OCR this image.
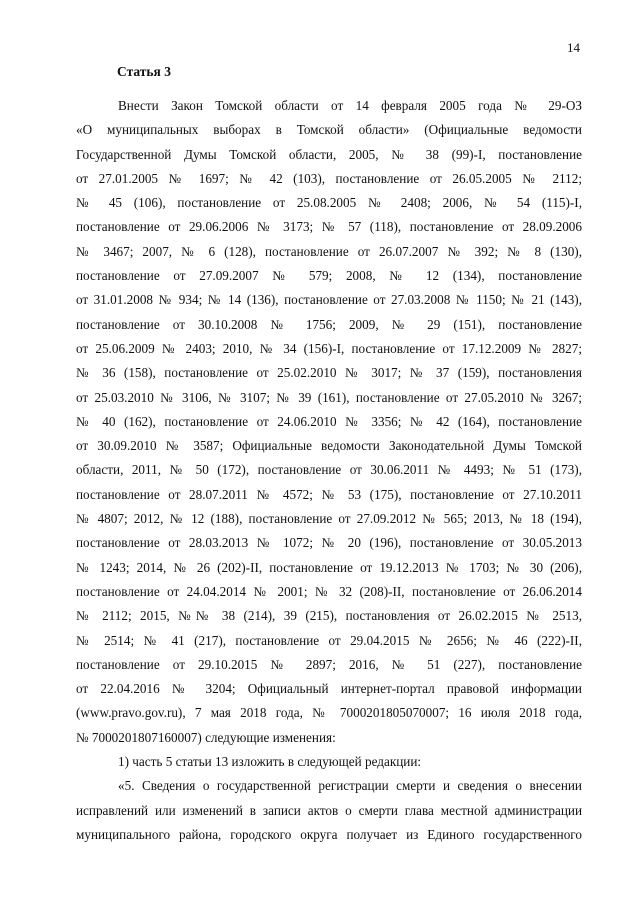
14
Статья 3
Внести Закон Томской области от 14 февраля 2005 года № 29-ОЗ
«О муниципальных выборах в Томской области» (Официальные ведомости
Государственной Думы Томской области, 2005, № 38 (99)-I, постановление
от 27.01.2005 № 1697; № 42 (103), постановление от 26.05.2005 № 2112;
№ 45 (106), постановление от 25.08.2005 № 2408; 2006, № 54 (115)-I,
постановление от 29.06.2006 № 3173; № 57 (118), постановление от 28.09.2006
№ 3467; 2007, № 6 (128), постановление от 26.07.2007 № 392; № 8 (130),
постановление от 27.09.2007 № 579; 2008, № 12 (134), постановление
от 31.01.2008 № 934; № 14 (136), постановление от 27.03.2008 № 1150; № 21 (143),
постановление от 30.10.2008 № 1756; 2009, № 29 (151), постановление
от 25.06.2009 № 2403; 2010, № 34 (156)-I, постановление от 17.12.2009 № 2827;
№ 36 (158), постановление от 25.02.2010 № 3017; № 37 (159), постановления
от 25.03.2010 № 3106, № 3107; № 39 (161), постановление от 27.05.2010 № 3267;
№ 40 (162), постановление от 24.06.2010 № 3356; № 42 (164), постановление
от 30.09.2010 № 3587; Официальные ведомости Законодательной Думы Томской
области, 2011, № 50 (172), постановление от 30.06.2011 № 4493; № 51 (173),
постановление от 28.07.2011 № 4572; № 53 (175), постановление от 27.10.2011
№ 4807; 2012, № 12 (188), постановление от 27.09.2012 № 565; 2013, № 18 (194),
постановление от 28.03.2013 № 1072; № 20 (196), постановление от 30.05.2013
№ 1243; 2014, № 26 (202)-II, постановление от 19.12.2013 № 1703; № 30 (206),
постановление от 24.04.2014 № 2001; № 32 (208)-II, постановление от 26.06.2014
№ 2112; 2015, №№ 38 (214), 39 (215), постановления от 26.02.2015 № 2513,
№ 2514; № 41 (217), постановление от 29.04.2015 № 2656; № 46 (222)-II,
постановление от 29.10.2015 № 2897; 2016, № 51 (227), постановление
от 22.04.2016 № 3204; Официальный интернет-портал правовой информации
(www.pravo.gov.ru), 7 мая 2018 года, № 7000201805070007; 16 июля 2018 года,
№ 7000201807160007) следующие изменения:
1) часть 5 статьи 13 изложить в следующей редакции:
«5. Сведения о государственной регистрации смерти и сведения о внесении
исправлений или изменений в записи актов о смерти глава местной администрации
муниципального района, городского округа получает из Единого государственного
